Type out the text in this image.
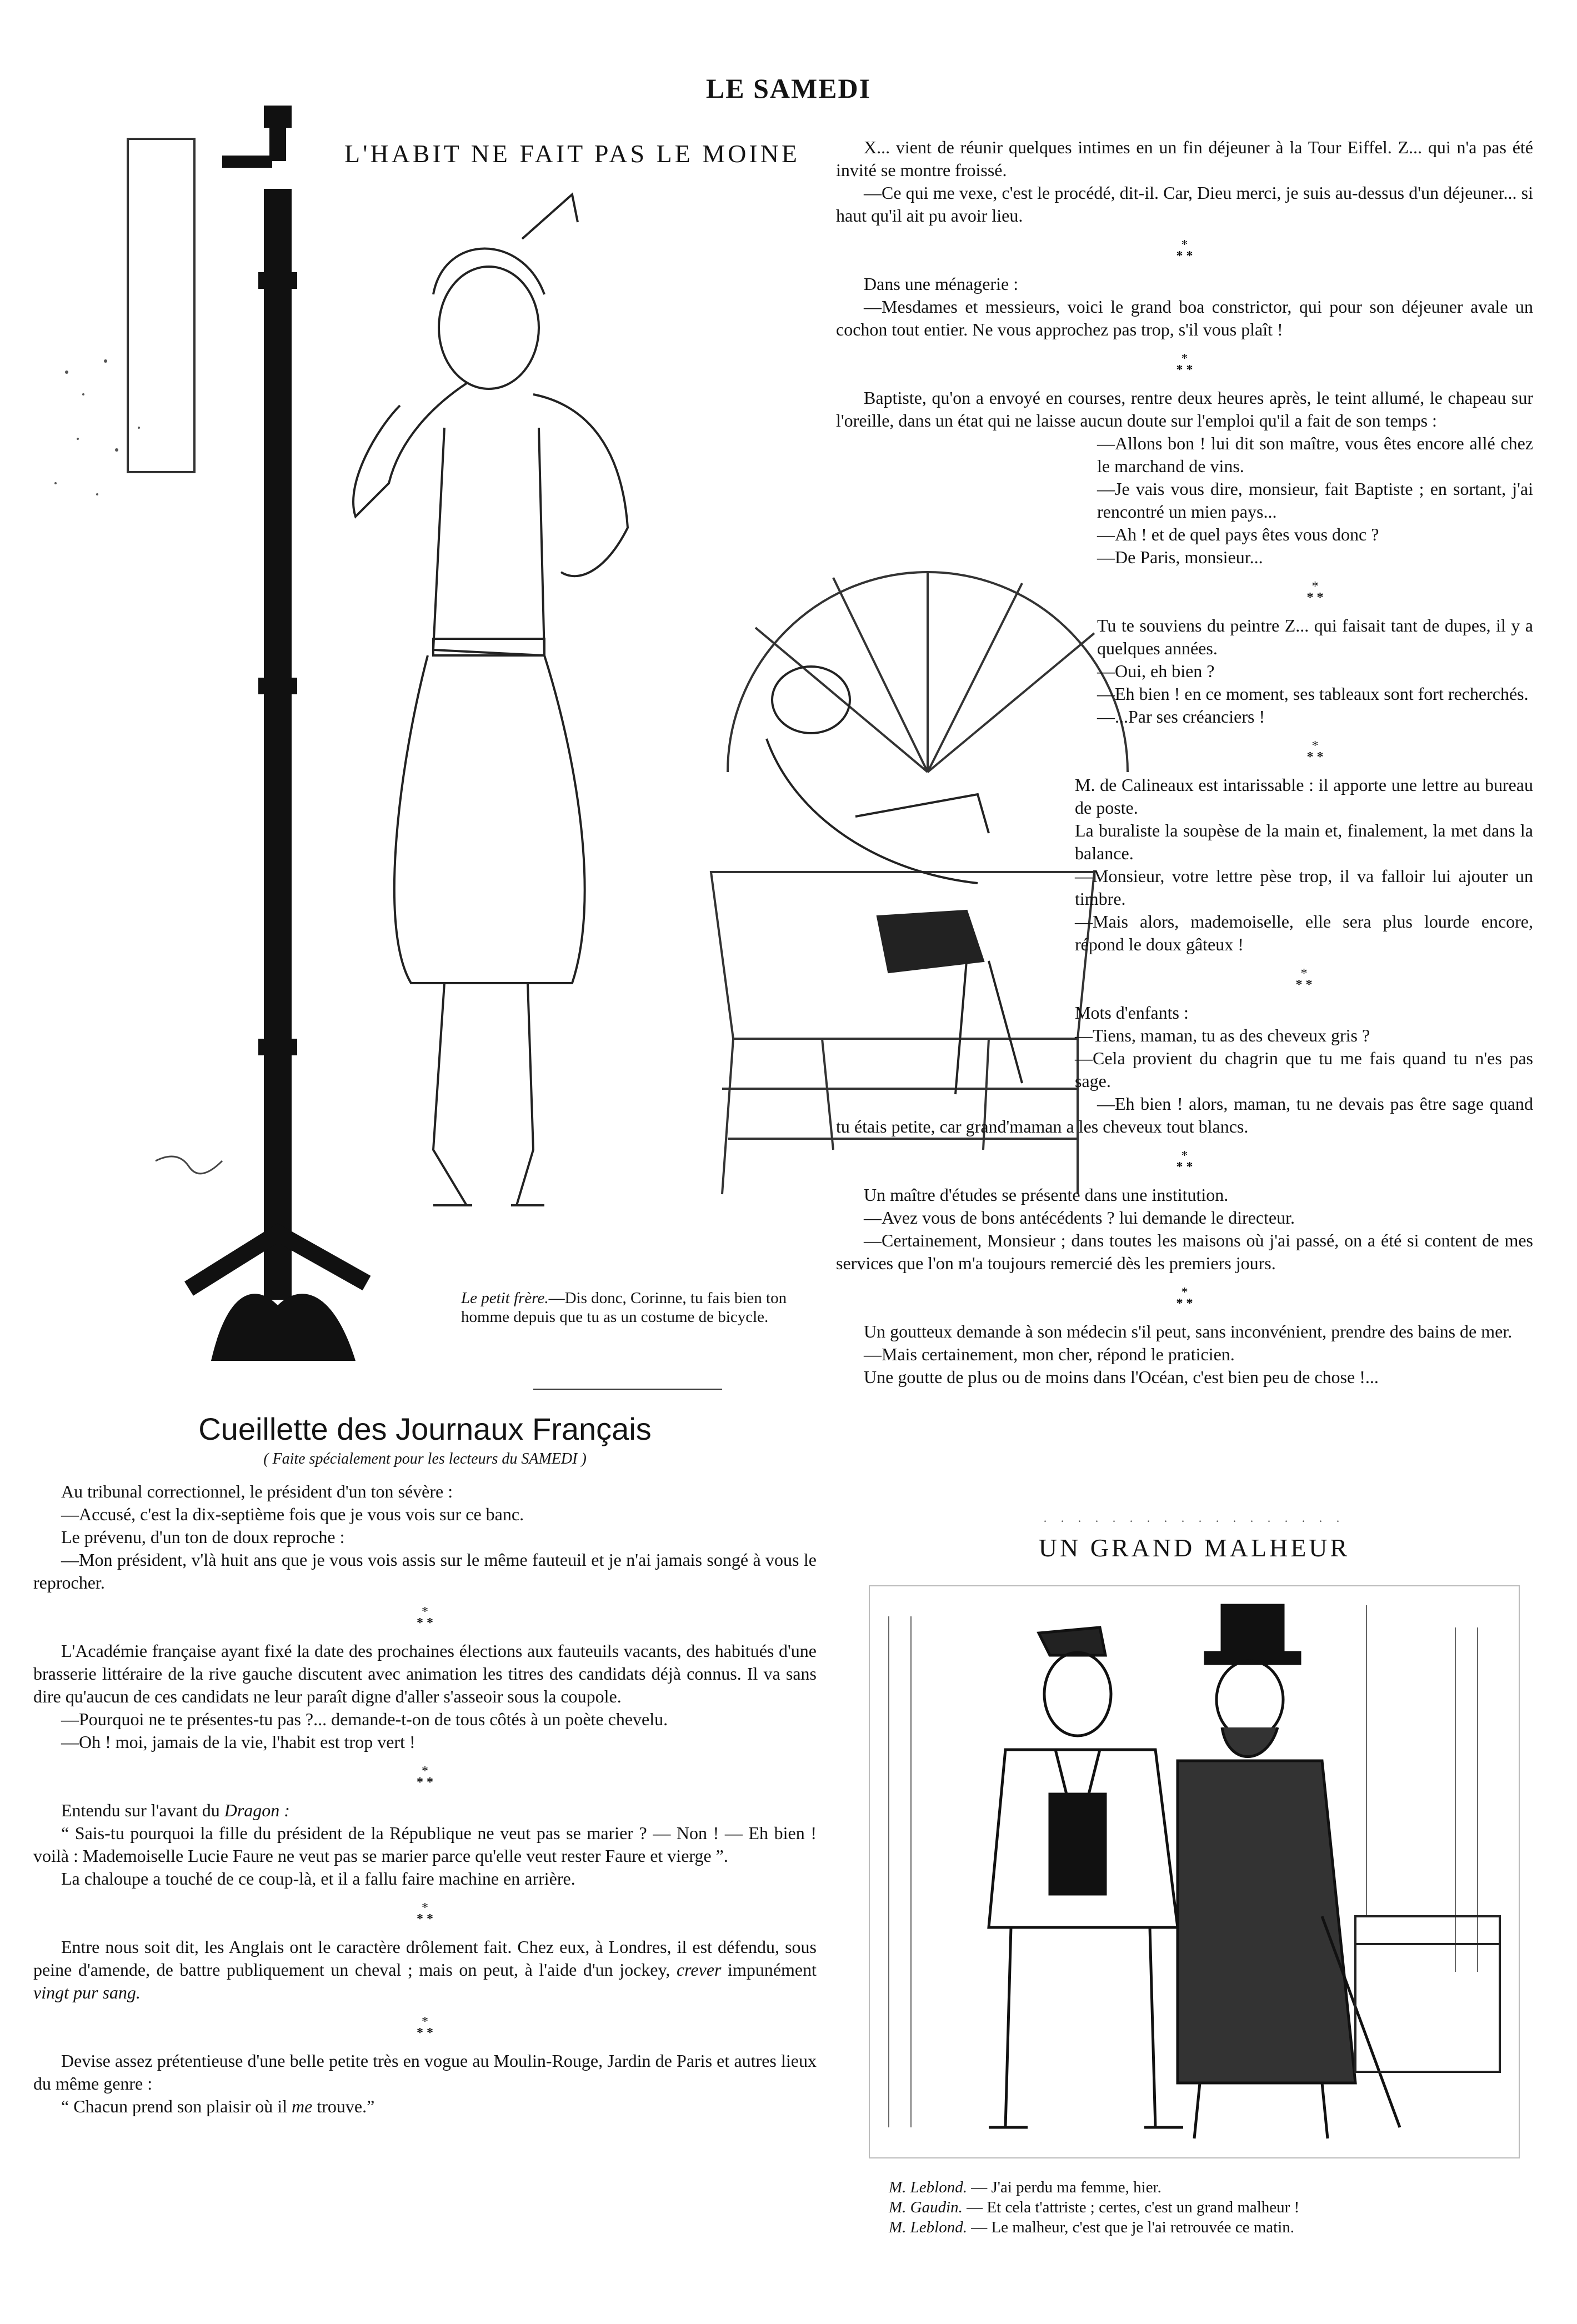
LE SAMEDI
L'HABIT NE FAIT PAS LE MOINE
Le petit frère.—Dis donc, Corinne, tu fais bien ton homme depuis que tu as un costume de bicycle.

X... vient de réunir quelques intimes en un fin déjeuner à la Tour Eiffel. Z... qui n'a pas été invité se montre froissé.

—Ce qui me vexe, c'est le procédé, dit-il. Car, Dieu merci, je suis au-dessus d'un déjeuner... si haut qu'il ait pu avoir lieu.

*
* *

Dans une ménagerie :

—Mesdames et messieurs, voici le grand boa constrictor, qui pour son déjeuner avale un cochon tout entier. Ne vous approchez pas trop, s'il vous plaît !

*
* *

Baptiste, qu'on a envoyé en courses, rentre deux heures après, le teint allumé, le chapeau sur l'oreille, dans un état qui ne laisse aucun doute sur l'emploi qu'il a fait de son temps :

—Allons bon ! lui dit son maître, vous êtes encore allé chez le marchand de vins.

—Je vais vous dire, monsieur, fait Baptiste ; en sortant, j'ai rencontré un mien pays...

—Ah ! et de quel pays êtes vous donc ?

—De Paris, monsieur...

*
* *

Tu te souviens du peintre Z... qui faisait tant de dupes, il y a quelques années.

—Oui, eh bien ?

—Eh bien ! en ce moment, ses tableaux sont fort recherchés.

—...Par ses créanciers !

*
* *

M. de Calineaux est intarissable : il apporte une lettre au bureau de poste.

La buraliste la soupèse de la main et, finalement, la met dans la balance.

—Monsieur, votre lettre pèse trop, il va falloir lui ajouter un timbre.

—Mais alors, mademoiselle, elle sera plus lourde encore, répond le doux gâteux !

*
* *

Mots d'enfants :

—Tiens, maman, tu as des cheveux gris ?

—Cela provient du chagrin que tu me fais quand tu n'es pas sage.

—Eh bien ! alors, maman, tu ne devais pas être sage quand tu étais petite, car grand'maman a les cheveux tout blancs.

*
* *

Un maître d'études se présente dans une institution.

—Avez vous de bons antécédents ? lui demande le directeur.

—Certainement, Monsieur ; dans toutes les maisons où j'ai passé, on a été si content de mes services que l'on m'a toujours remercié dès les premiers jours.

*
* *

Un goutteux demande à son médecin s'il peut, sans inconvénient, prendre des bains de mer.

—Mais certainement, mon cher, répond le praticien.

Une goutte de plus ou de moins dans l'Océan, c'est bien peu de chose !...

Cueillette des Journaux Français
( Faite spécialement pour les lecteurs du SAMEDI )

Au tribunal correctionnel, le président d'un ton sévère :

—Accusé, c'est la dix-septième fois que je vous vois sur ce banc.

Le prévenu, d'un ton de doux reproche :

—Mon président, v'là huit ans que je vous vois assis sur le même fauteuil et je n'ai jamais songé à vous le reprocher.

*
* *

L'Académie française ayant fixé la date des prochaines élections aux fauteuils vacants, des habitués d'une brasserie littéraire de la rive gauche discutent avec animation les titres des candidats déjà connus. Il va sans dire qu'aucun de ces candidats ne leur paraît digne d'aller s'asseoir sous la coupole.

—Pourquoi ne te présentes-tu pas ?... demande-t-on de tous côtés à un poète chevelu.

—Oh ! moi, jamais de la vie, l'habit est trop vert !

*
* *

Entendu sur l'avant du Dragon :

“ Sais-tu pourquoi la fille du président de la République ne veut pas se marier ? — Non ! — Eh bien ! voilà : Mademoiselle Lucie Faure ne veut pas se marier parce qu'elle veut rester Faure et vierge ”.

La chaloupe a touché de ce coup-là, et il a fallu faire machine en arrière.

*
* *

Entre nous soit dit, les Anglais ont le caractère drôlement fait. Chez eux, à Londres, il est défendu, sous peine d'amende, de battre publiquement un cheval ; mais on peut, à l'aide d'un jockey, crever impunément vingt pur sang.

*
* *

Devise assez prétentieuse d'une belle petite très en vogue au Moulin-Rouge, Jardin de Paris et autres lieux du même genre :

“ Chacun prend son plaisir où il me trouve.”

. . . . . . . . . . . . . . . . . .
UN GRAND MALHEUR
M. Leblond. — J'ai perdu ma femme, hier.
M. Gaudin. — Et cela t'attriste ; certes, c'est un grand malheur !
M. Leblond. — Le malheur, c'est que je l'ai retrouvée ce matin.
